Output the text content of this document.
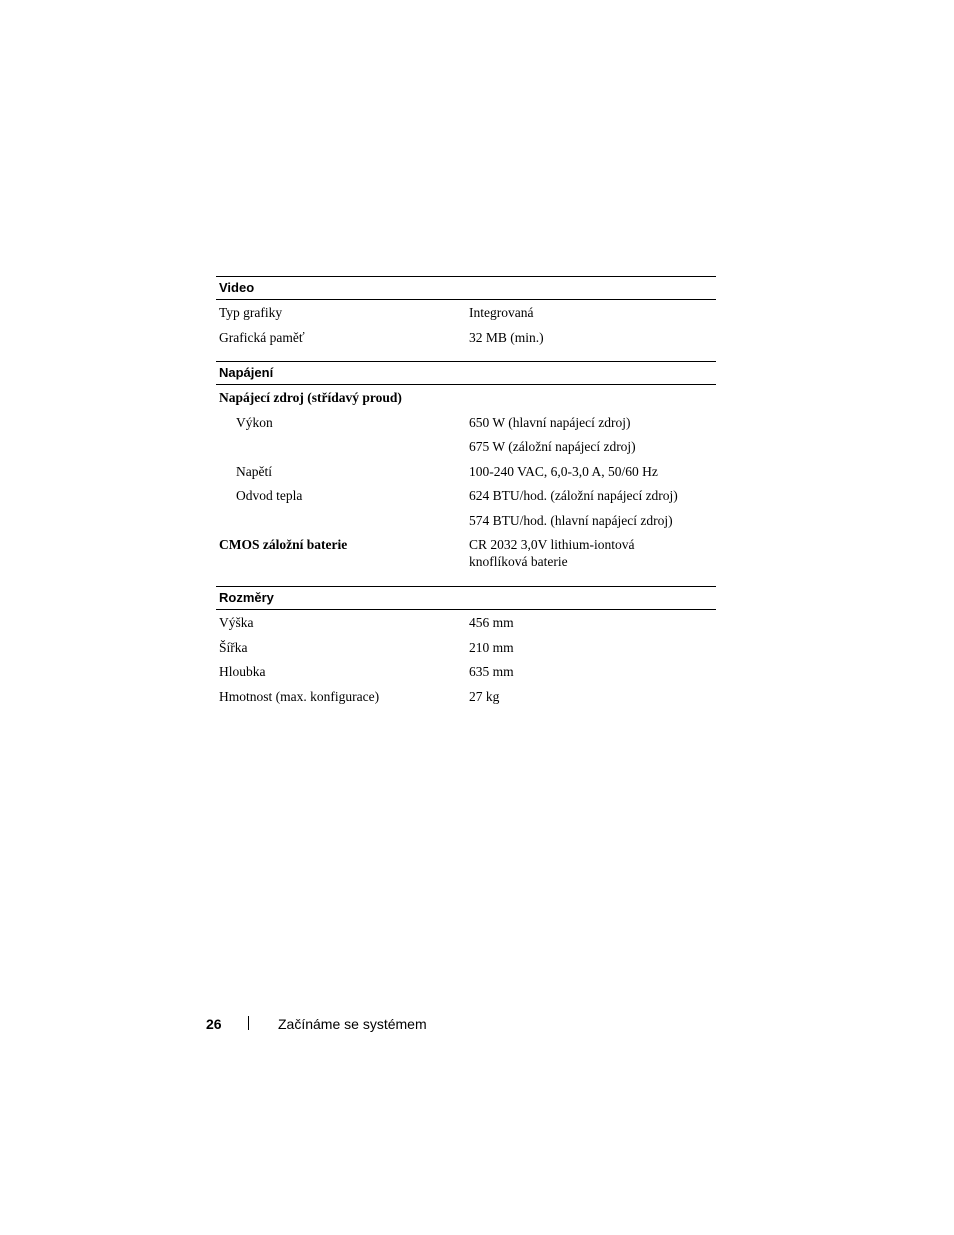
Video
Typ grafiky	Integrovaná
Grafická paměť	32 MB (min.)
Napájení
Napájecí zdroj (střídavý proud)
Výkon	650 W (hlavní napájecí zdroj)
675 W (záložní napájecí zdroj)
Napětí	100-240 VAC, 6,0-3,0 A, 50/60 Hz
Odvod tepla	624 BTU/hod. (záložní napájecí zdroj)
574 BTU/hod. (hlavní napájecí zdroj)
CMOS záložní baterie	CR 2032 3,0V lithium-iontová
knoflíková baterie
Rozměry
Výška	456 mm
Šířka	210 mm
Hloubka	635 mm
Hmotnost (max. konfigurace)	27 kg
26	Začínáme se systémem
